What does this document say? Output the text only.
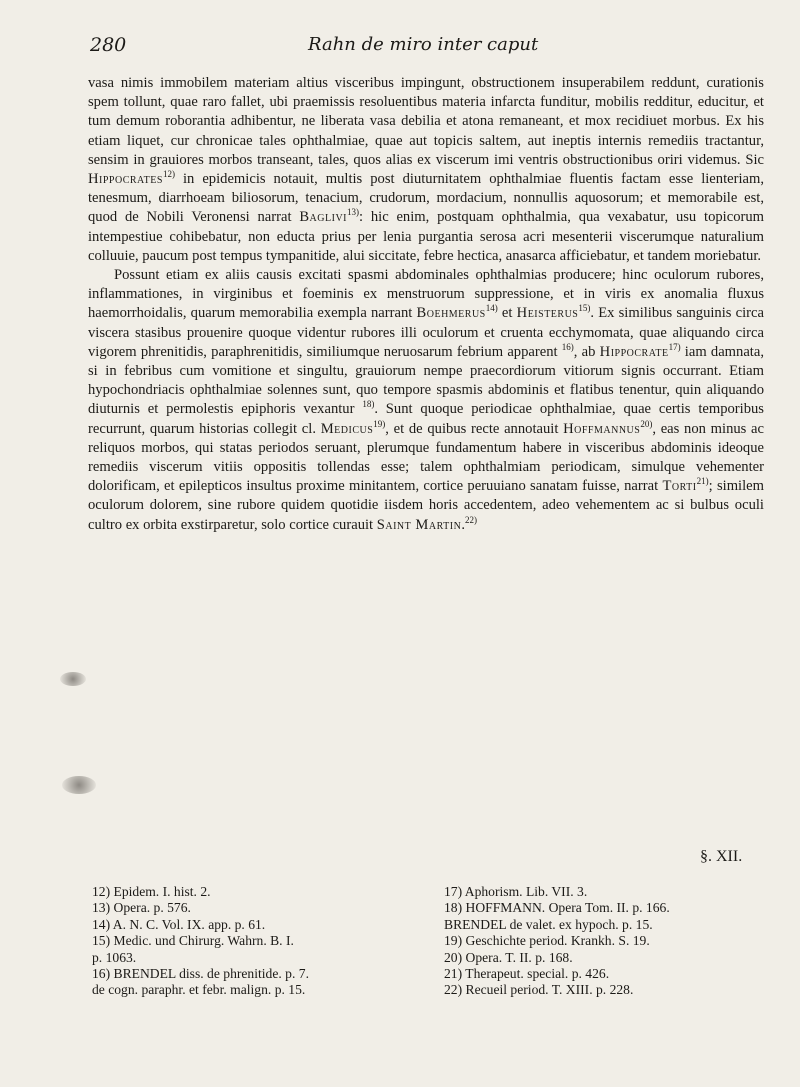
280	Rahn de miro inter caput

vasa nimis immobilem materiam altius visceribus impingunt, obstructionem insuperabilem reddunt, curationis spem tollunt, quae raro fallet, ubi praemissis resoluentibus materia infarcta funditur, mobilis redditur, educitur, et tum demum roborantia adhibentur, ne liberata vasa debilia et atona remaneant, et mox recidiuet morbus. Ex his etiam liquet, cur chronicae tales ophthalmiae, quae aut topicis saltem, aut ineptis internis remediis tractantur, sensim in grauiores morbos transeant, tales, quos alias ex viscerum imi ventris obstructionibus oriri videmus. Sic Hippocrates$^{12)}$ in epidemicis notauit, multis post diuturnitatem ophthalmiae fluentis factam esse lienteriam, tenesmum, diarrhoeam biliosorum, tenacium, crudorum, mordacium, nonnullis aquosorum; et memorabile est, quod de Nobili Veronensi narrat Baglivi$^{13)}$: hic enim, postquam ophthalmia, qua vexabatur, usu topicorum intempestiue cohibebatur, non educta prius per lenia purgantia serosa acri mesenterii viscerumque naturalium colluuie, paucum post tempus tympanitide, alui siccitate, febre hectica, anasarca afficiebatur, et tandem moriebatur.

Possunt etiam ex aliis causis excitati spasmi abdominales ophthalmias producere; hinc oculorum rubores, inflammationes, in virginibus et foeminis ex menstruorum suppressione, et in viris ex anomalia fluxus haemorrhoidalis, quarum memorabilia exempla narrant Boehmerus$^{14)}$ et Heisterus$^{15)}$. Ex similibus sanguinis circa viscera stasibus prouenire quoque videntur rubores illi oculorum et cruenta ecchymomata, quae aliquando circa vigorem phrenitidis, paraphrenitidis, similiumque neruosarum febrium apparent $^{16)}$, ab Hippocrate$^{17)}$ iam damnata, si in febribus cum vomitione et singultu, grauiorum nempe praecordiorum vitiorum signis occurrant. Etiam hypochondriacis ophthalmiae solennes sunt, quo tempore spasmis abdominis et flatibus tenentur, quin aliquando diuturnis et permolestis epiphoris vexantur $^{18)}$. Sunt quoque periodicae ophthalmiae, quae certis temporibus recurrunt, quarum historias collegit cl. Medicus$^{19)}$, et de quibus recte annotauit Hoffmannus$^{20)}$, eas non minus ac reliquos morbos, qui statas periodos seruant, plerumque fundamentum habere in visceribus abdominis ideoque remediis viscerum vitiis oppositis tollendas esse; talem ophthalmiam periodicam, simulque vehementer dolorificam, et epilepticos insultus proxime minitantem, cortice peruuiano sanatam fuisse, narrat Torti$^{21)}$; similem oculorum dolorem, sine rubore quidem quotidie iisdem horis accedentem, adeo vehementem ac si bulbus oculi cultro ex orbita exstirparetur, solo cortice curauit Saint Martin.$^{22)}$

§. XII.
12) Epidem. I. hist. 2.
13) Opera. p. 576.
14) A. N. C. Vol. IX. app. p. 61.
15) Medic. und Chirurg. Wahrn. B. I.
p. 1063.
16) BRENDEL diss. de phrenitide. p. 7.
de cogn. paraphr. et febr. malign. p. 15.
17) Aphorism. Lib. VII. 3.
18) HOFFMANN. Opera Tom. II. p. 166.
BRENDEL de valet. ex hypoch. p. 15.
19) Geschichte period. Krankh. S. 19.
20) Opera. T. II. p. 168.
21) Therapeut. special. p. 426.
22) Recueil period. T. XIII. p. 228.
